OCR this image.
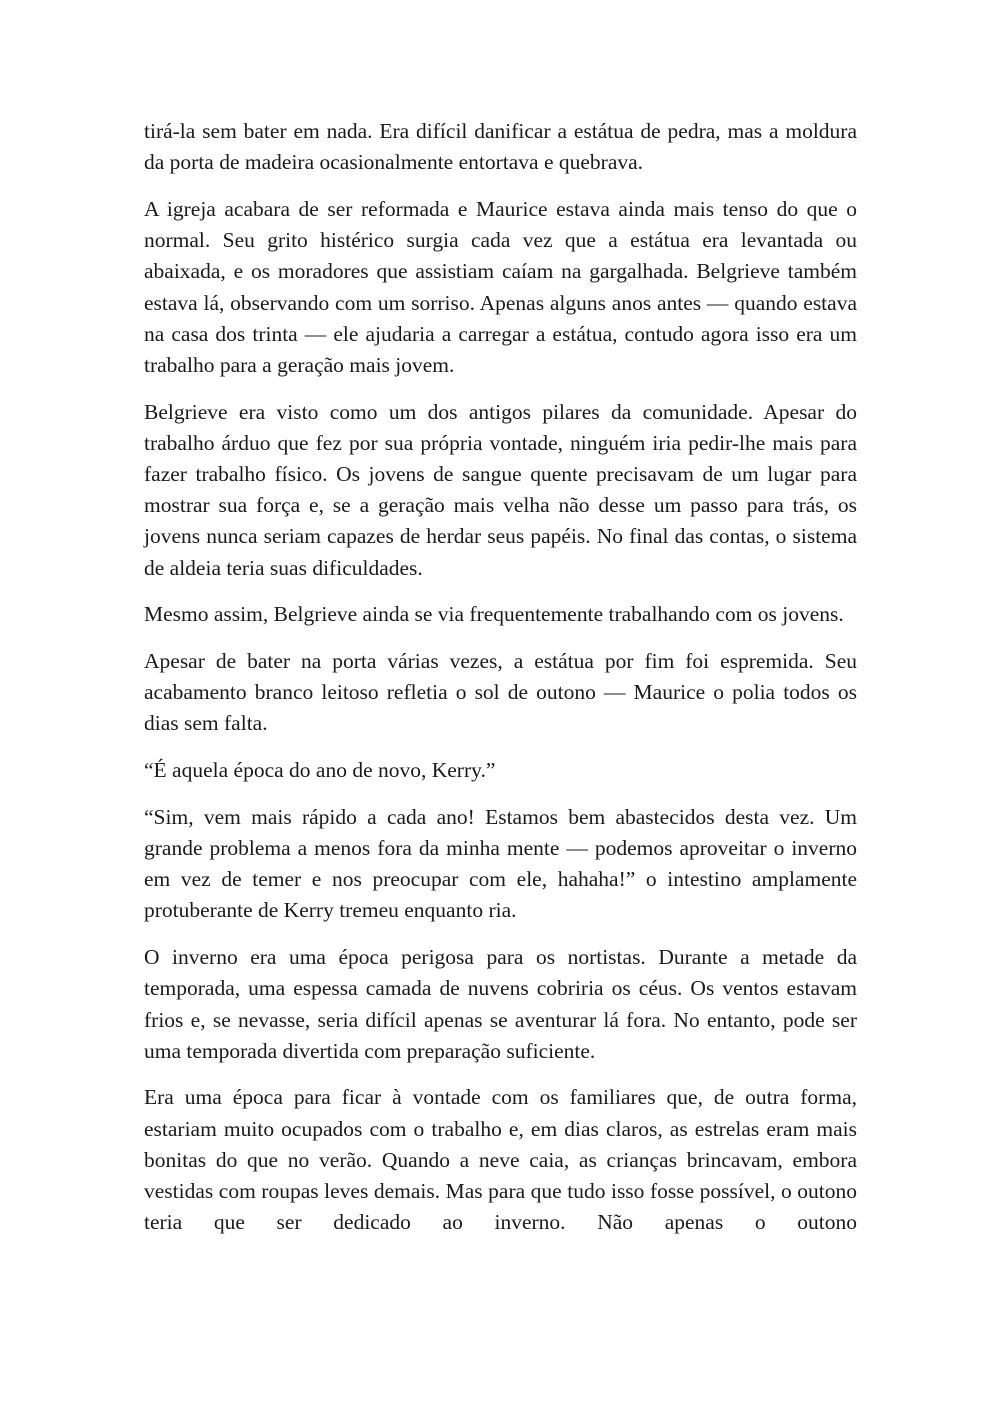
tirá-la sem bater em nada. Era difícil danificar a estátua de pedra, mas a moldura da porta de madeira ocasionalmente entortava e quebrava.

A igreja acabara de ser reformada e Maurice estava ainda mais tenso do que o normal. Seu grito histérico surgia cada vez que a estátua era levantada ou abaixada, e os moradores que assistiam caíam na gargalhada. Belgrieve também estava lá, observando com um sorriso. Apenas alguns anos antes — quando estava na casa dos trinta — ele ajudaria a carregar a estátua, contudo agora isso era um trabalho para a geração mais jovem.

Belgrieve era visto como um dos antigos pilares da comunidade. Apesar do trabalho árduo que fez por sua própria vontade, ninguém iria pedir-lhe mais para fazer trabalho físico. Os jovens de sangue quente precisavam de um lugar para mostrar sua força e, se a geração mais velha não desse um passo para trás, os jovens nunca seriam capazes de herdar seus papéis. No final das contas, o sistema de aldeia teria suas dificuldades.

Mesmo assim, Belgrieve ainda se via frequentemente trabalhando com os jovens.

Apesar de bater na porta várias vezes, a estátua por fim foi espremida. Seu acabamento branco leitoso refletia o sol de outono — Maurice o polia todos os dias sem falta.

“É aquela época do ano de novo, Kerry.”

“Sim, vem mais rápido a cada ano! Estamos bem abastecidos desta vez. Um grande problema a menos fora da minha mente — podemos aproveitar o inverno em vez de temer e nos preocupar com ele, hahaha!” o intestino amplamente protuberante de Kerry tremeu enquanto ria.

O inverno era uma época perigosa para os nortistas. Durante a metade da temporada, uma espessa camada de nuvens cobriria os céus. Os ventos estavam frios e, se nevasse, seria difícil apenas se aventurar lá fora. No entanto, pode ser uma temporada divertida com preparação suficiente.

Era uma época para ficar à vontade com os familiares que, de outra forma, estariam muito ocupados com o trabalho e, em dias claros, as estrelas eram mais bonitas do que no verão. Quando a neve caia, as crianças brincavam, embora vestidas com roupas leves demais. Mas para que tudo isso fosse possível, o outono teria que ser dedicado ao inverno. Não apenas o outono
